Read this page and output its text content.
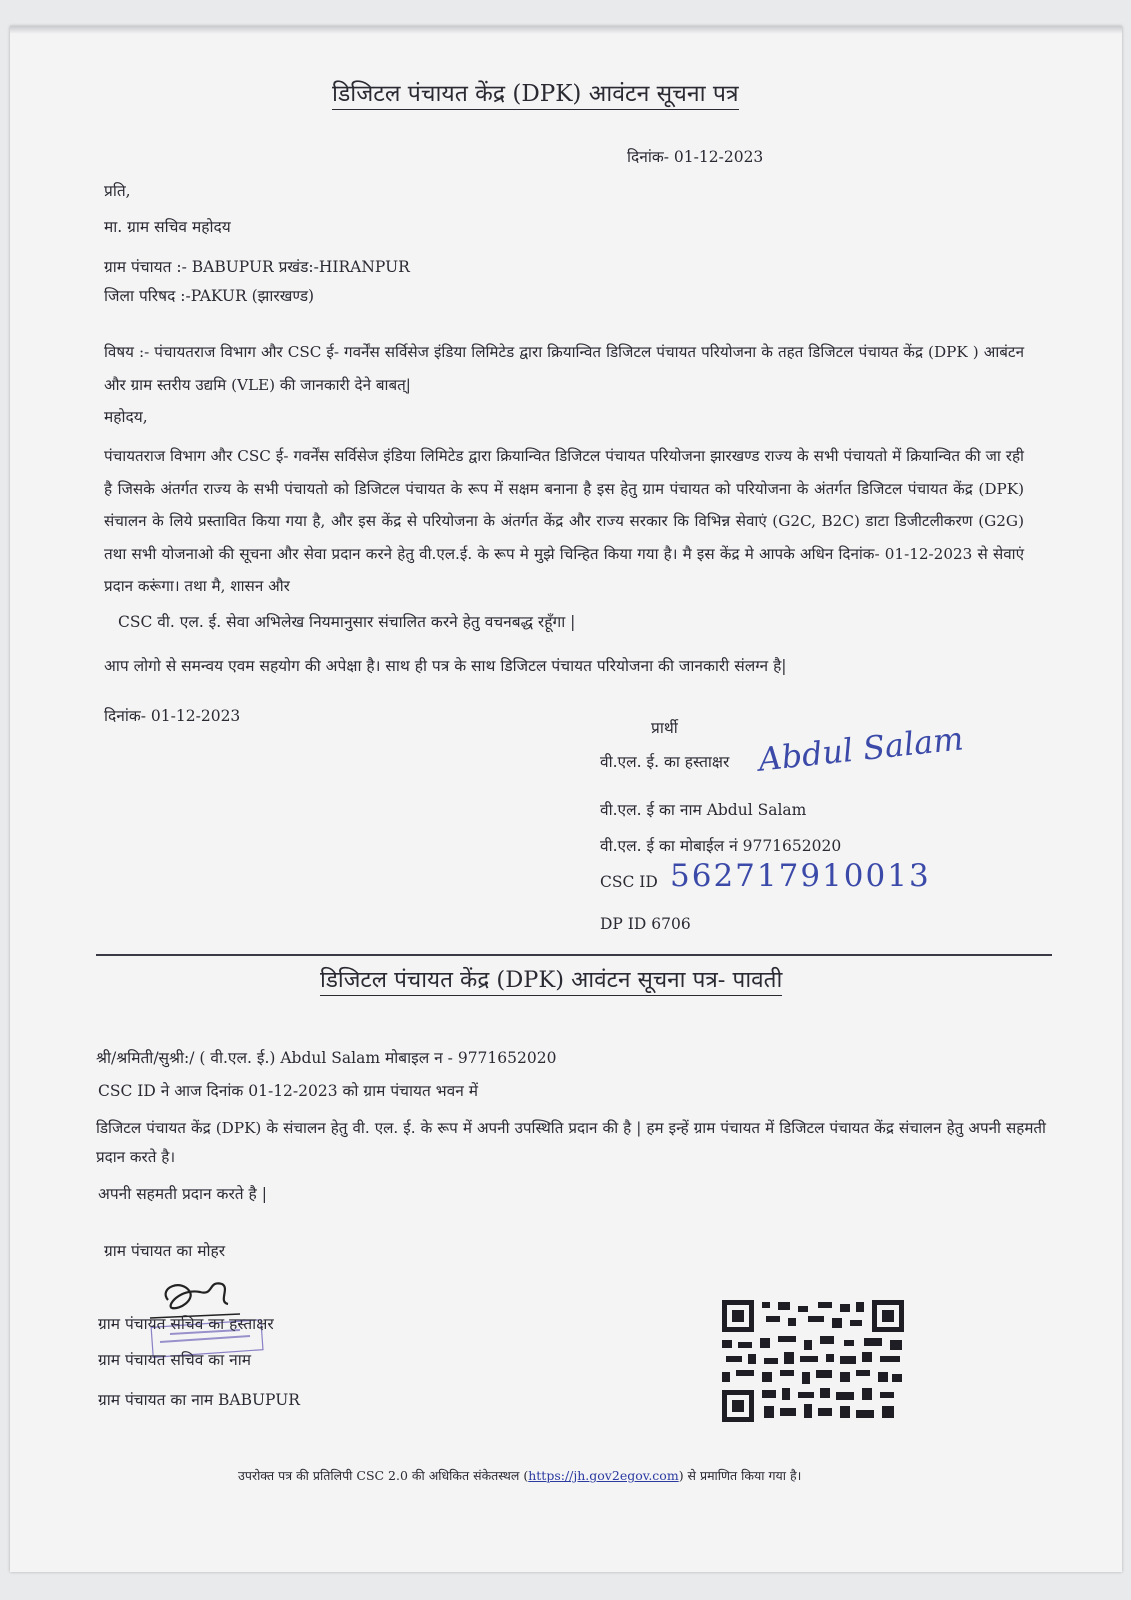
डिजिटल पंचायत केंद्र (DPK) आवंटन सूचना पत्र
दिनांक- 01-12-2023
प्रति,
मा. ग्राम सचिव महोदय
ग्राम पंचायत :- BABUPUR प्रखंड:-HIRANPUR
जिला परिषद :-PAKUR (झारखण्ड)
विषय :- पंचायतराज विभाग और CSC ई- गवर्नेंस सर्विसेज इंडिया लिमिटेड द्वारा क्रियान्वित डिजिटल पंचायत परियोजना के तहत डिजिटल पंचायत केंद्र (DPK ) आबंटन और ग्राम स्तरीय उद्यमि (VLE) की जानकारी देने बाबत्|
महोदय,
पंचायतराज विभाग और CSC ई- गवर्नेंस सर्विसेज इंडिया लिमिटेड द्वारा क्रियान्वित डिजिटल पंचायत परियोजना झारखण्ड राज्य के सभी पंचायतो में क्रियान्वित की जा रही है जिसके अंतर्गत राज्य के सभी पंचायतो को डिजिटल पंचायत के रूप में सक्षम बनाना है इस हेतु ग्राम पंचायत को परियोजना के अंतर्गत डिजिटल पंचायत केंद्र (DPK) संचालन के लिये प्रस्तावित किया गया है, और इस केंद्र से परियोजना के अंतर्गत केंद्र और राज्य सरकार कि विभिन्न सेवाएं (G2C, B2C) डाटा डिजीटलीकरण (G2G) तथा सभी योजनाओ की सूचना और सेवा प्रदान करने हेतु वी.एल.ई. के रूप मे मुझे चिन्हित किया गया है। मै इस केंद्र मे आपके अधिन दिनांक- 01-12-2023 से सेवाएं प्रदान करूंगा। तथा मै, शासन और
CSC वी. एल. ई. सेवा अभिलेख नियमानुसार संचालित करने हेतु वचनबद्ध रहूँगा |
आप लोगो से समन्वय एवम सहयोग की अपेक्षा है। साथ ही पत्र के साथ डिजिटल पंचायत परियोजना की जानकारी संलग्न है|
दिनांक- 01-12-2023
प्रार्थी
वी.एल. ई. का हस्ताक्षर Abdul Salam
वी.एल. ई का नाम Abdul Salam
वी.एल. ई का मोबाईल नं 9771652020
CSC ID 562717910013
DP ID 6706
डिजिटल पंचायत केंद्र (DPK) आवंटन सूचना पत्र- पावती
श्री/श्रमिती/सुश्री:/ ( वी.एल. ई.) Abdul Salam मोबाइल न - 9771652020
CSC ID ने आज दिनांक 01-12-2023 को ग्राम पंचायत भवन में
डिजिटल पंचायत केंद्र (DPK) के संचालन हेतु वी. एल. ई. के रूप में अपनी उपस्थिति प्रदान की है | हम इन्हें ग्राम पंचायत में डिजिटल पंचायत केंद्र संचालन हेतु अपनी सहमती प्रदान करते है।
अपनी सहमती प्रदान करते है |
ग्राम पंचायत का मोहर
ग्राम पंचायत सचिव का हस्ताक्षर
ग्राम पंचायत सचिव का नाम
ग्राम पंचायत का नाम BABUPUR
उपरोक्त पत्र की प्रतिलिपी CSC 2.0 की अधिकित संकेतस्थल (https://jh.gov2egov.com) से प्रमाणित किया गया है।
